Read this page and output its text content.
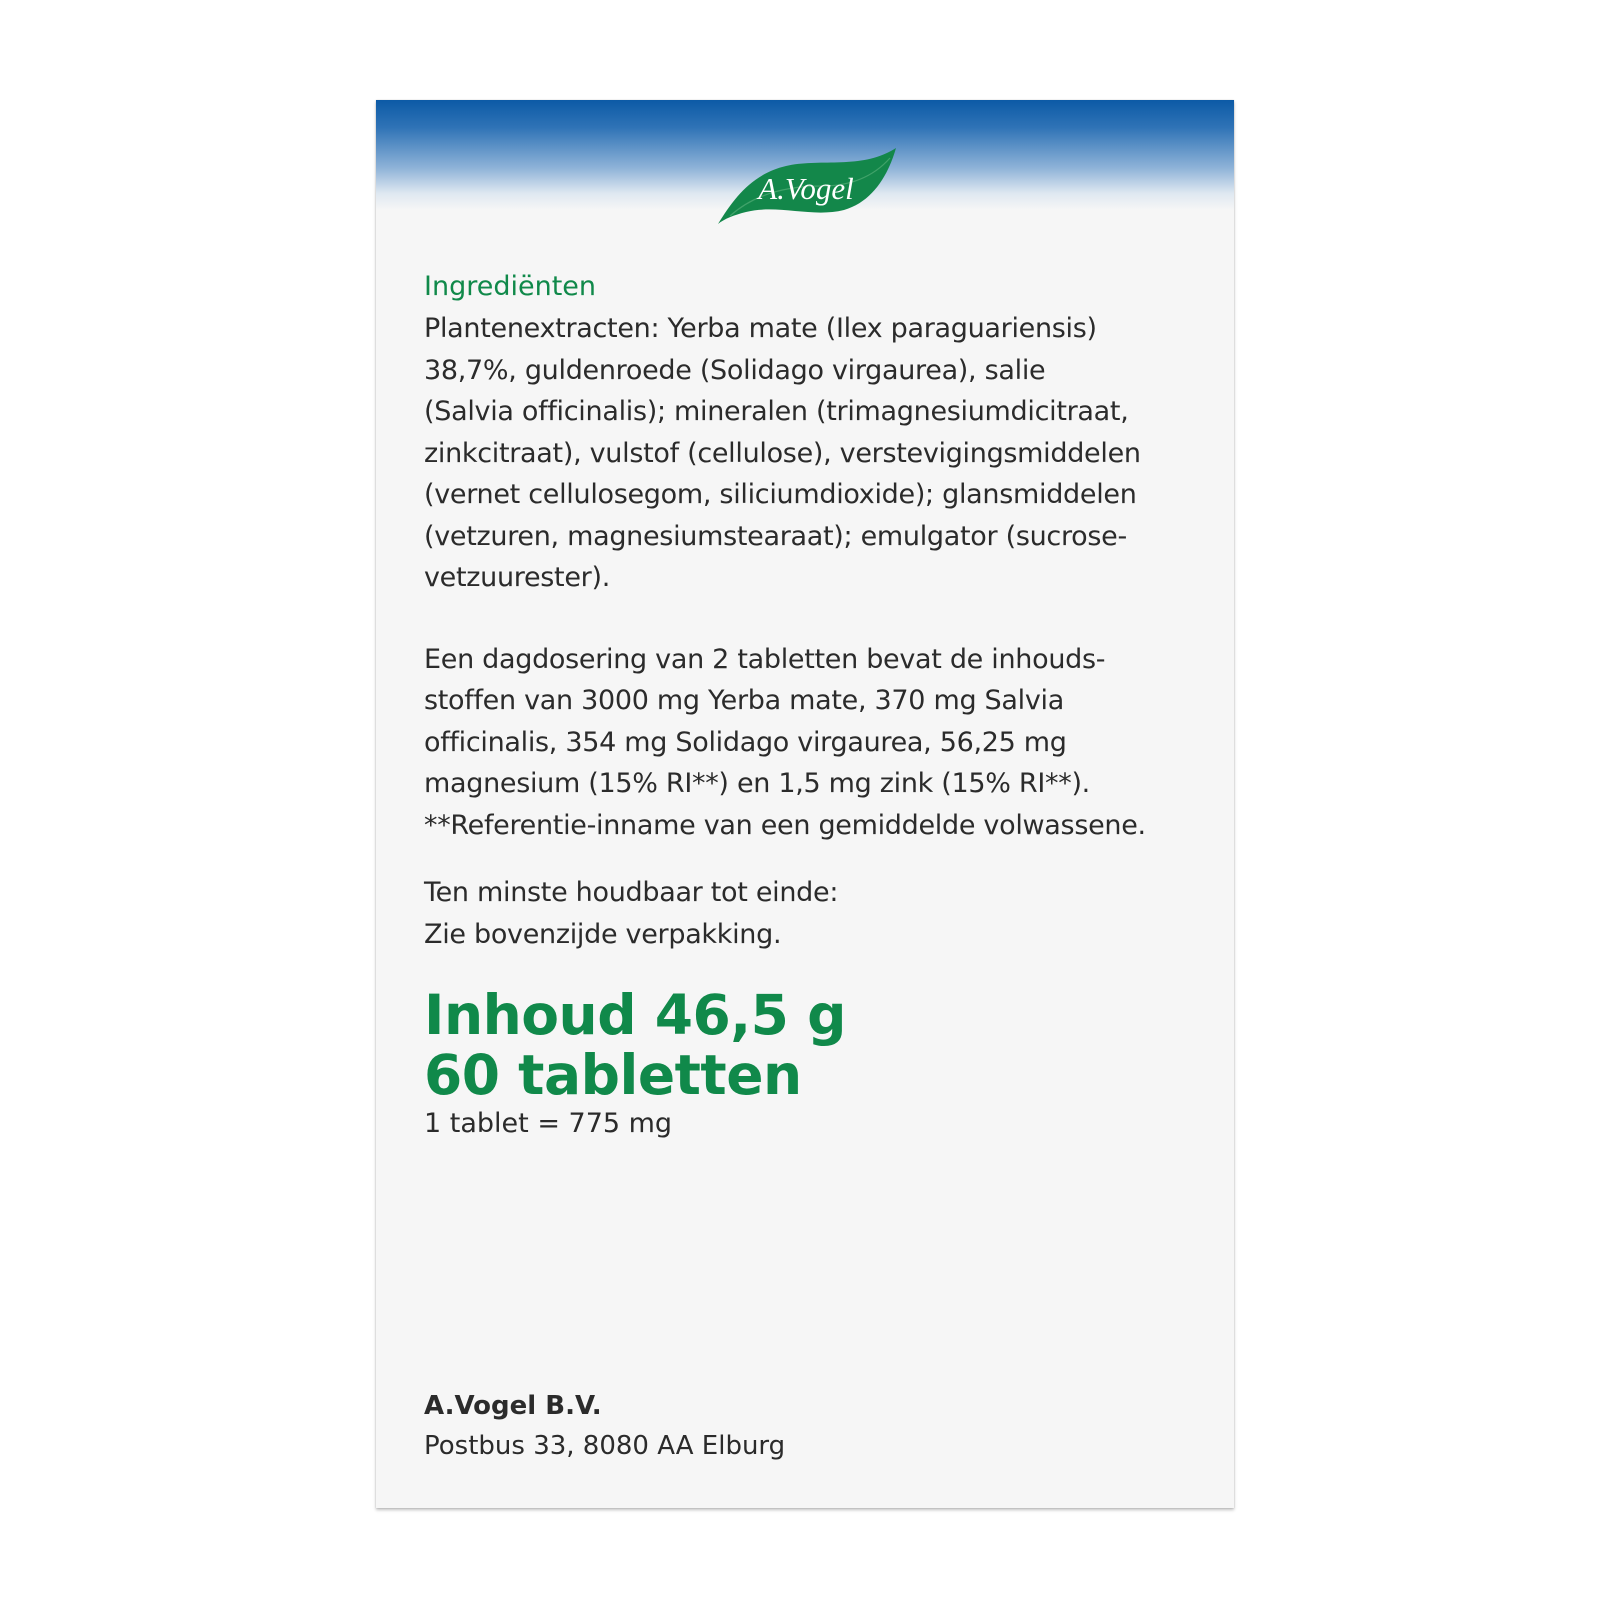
A.Vogel

Ingrediënten

Plantenextracten: Yerba mate (Ilex paraguariensis)
38,7%, guldenroede (Solidago virgaurea), salie
(Salvia officinalis); mineralen (trimagnesiumdicitraat,
zinkcitraat), vulstof (cellulose), verstevigingsmiddelen
(vernet cellulosegom, siliciumdioxide); glansmiddelen
(vetzuren, magnesiumstearaat); emulgator (sucrose-
vetzuurester).

Een dagdosering van 2 tabletten bevat de inhouds-
stoffen van 3000 mg Yerba mate, 370 mg Salvia
officinalis, 354 mg Solidago virgaurea, 56,25 mg
magnesium (15% RI**) en 1,5 mg zink (15% RI**).
**Referentie-inname van een gemiddelde volwassene.

Ten minste houdbaar tot einde:
Zie bovenzijde verpakking.

Inhoud 46,5 g

60 tabletten

1 tablet = 775 mg

A.Vogel B.V.

Postbus 33, 8080 AA Elburg
